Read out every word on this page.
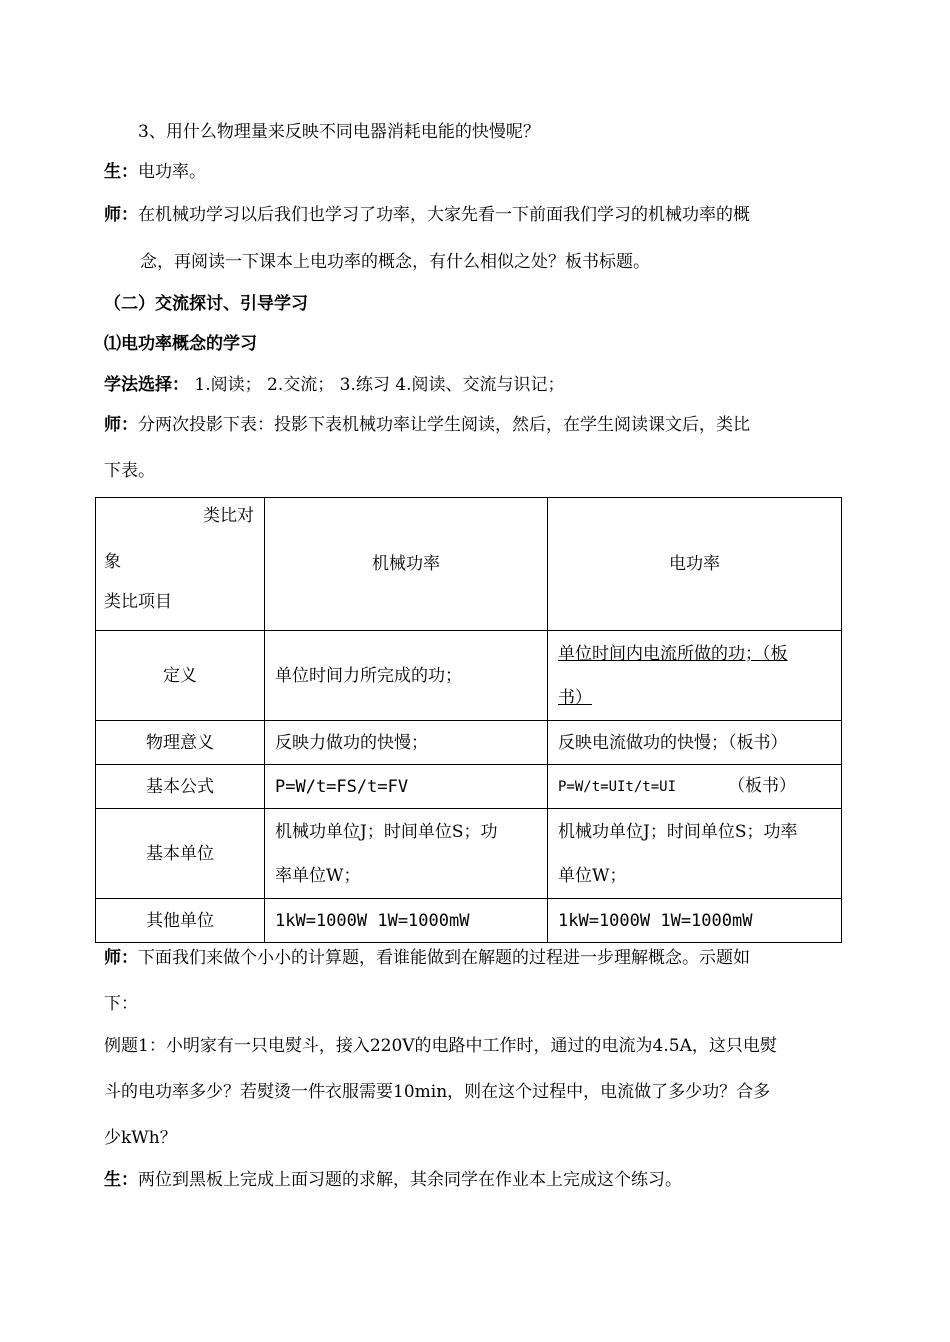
3、用什么物理量来反映不同电器消耗电能的快慢呢？
生：电功率。
师：在机械功学习以后我们也学习了功率，大家先看一下前面我们学习的机械功率的概
念，再阅读一下课本上电功率的概念，有什么相似之处？板书标题。
（二）交流探讨、引导学习
⑴电功率概念的学习
学法选择： 1.阅读； 2.交流； 3.练习 4.阅读、交流与识记；
师：分两次投影下表：投影下表机械功率让学生阅读，然后，在学生阅读课文后，类比
下表。
类比对
象
类比项目	机械功率	电功率
定义	单位时间力所完成的功；	单位时间内电流所做的功；（板
书）
物理意义	反映力做功的快慢；	反映电流做功的快慢；（板书）
基本公式	P=W/t=FS/t=FV	P=W/t=UIt/t=UI （板书）
基本单位	机械功单位J；时间单位S；功
率单位W；	机械功单位J；时间单位S；功率
单位W；
其他单位	1kW=1000W 1W=1000mW	1kW=1000W 1W=1000mW
师：下面我们来做个小小的计算题，看谁能做到在解题的过程进一步理解概念。示题如
下：
例题1：小明家有一只电熨斗，接入220V的电路中工作时，通过的电流为4.5A，这只电熨
斗的电功率多少？若熨烫一件衣服需要10min，则在这个过程中，电流做了多少功？合多
少kWh？
生：两位到黑板上完成上面习题的求解，其余同学在作业本上完成这个练习。
